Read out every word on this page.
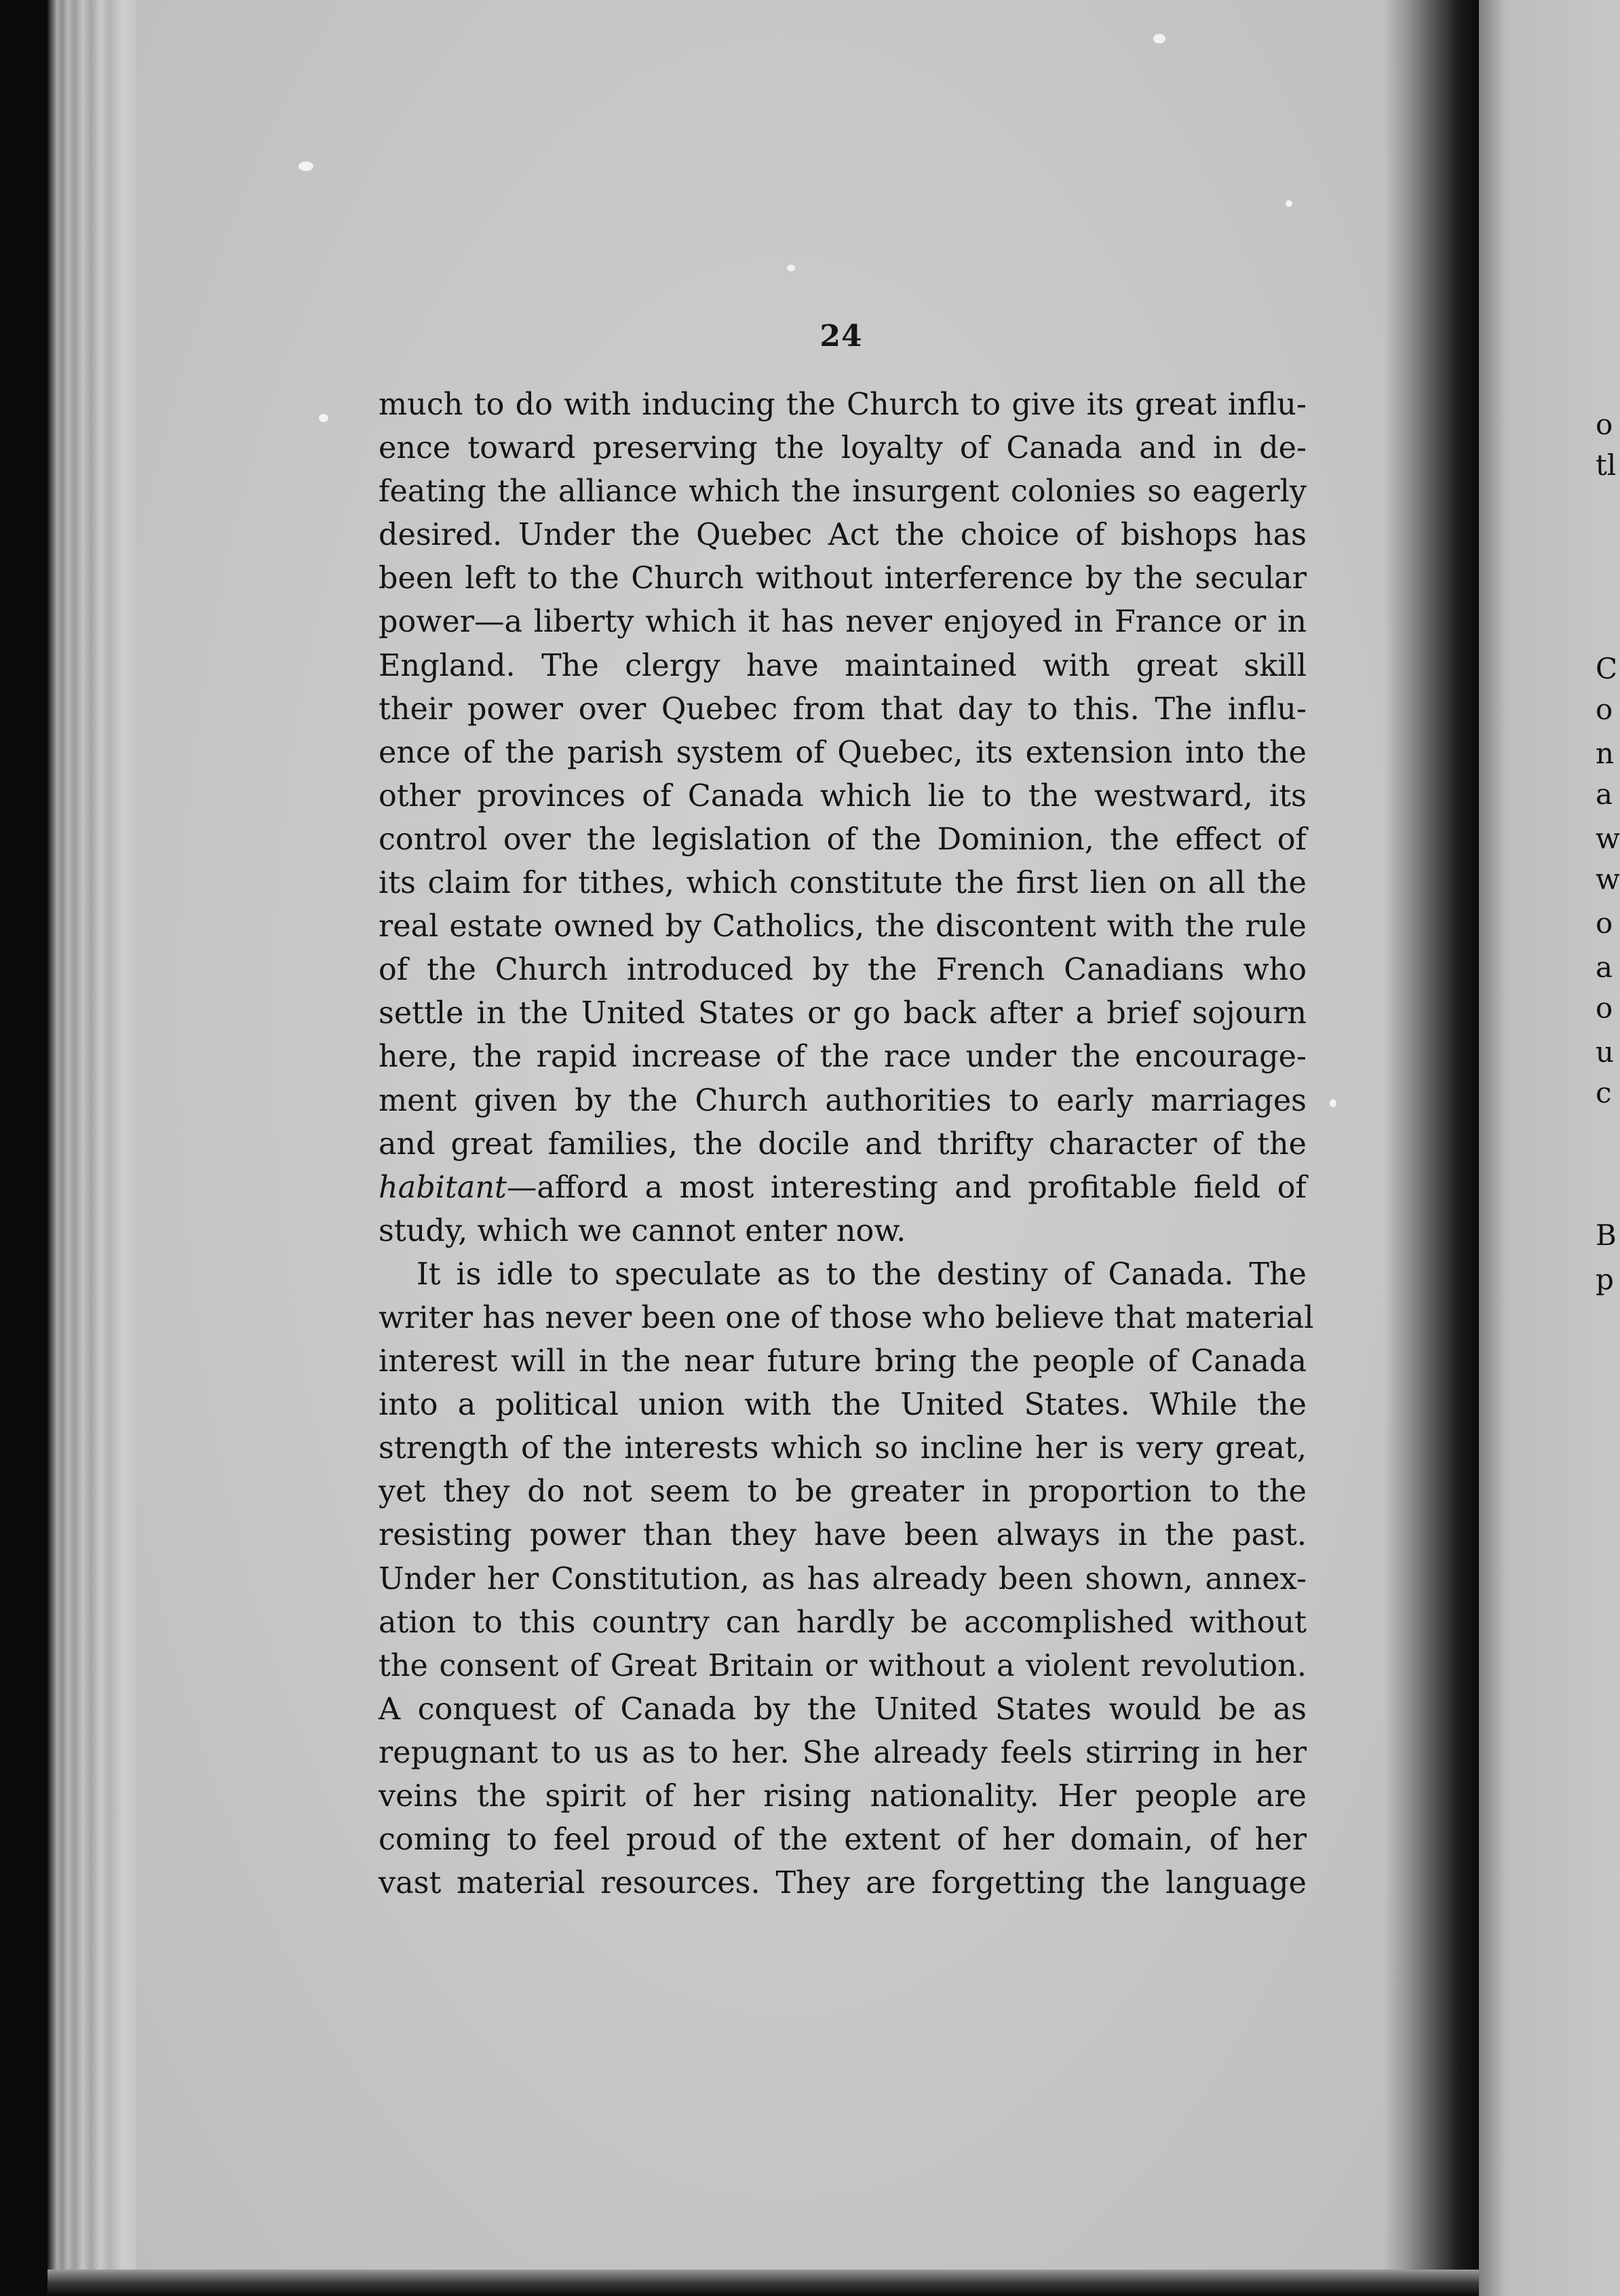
o
tl
C
o
n
a
w
w
o
a
o
u
c
B
p
24
much to do with inducing the Church to give its great influ-
ence toward preserving the loyalty of Canada and in de-
feating the alliance which the insurgent colonies so eagerly
desired. Under the Quebec Act the choice of bishops has
been left to the Church without interference by the secular
power—a liberty which it has never enjoyed in France or in
England. The clergy have maintained with great skill
their power over Quebec from that day to this. The influ-
ence of the parish system of Quebec, its extension into the
other provinces of Canada which lie to the westward, its
control over the legislation of the Dominion, the effect of
its claim for tithes, which constitute the first lien on all the
real estate owned by Catholics, the discontent with the rule
of the Church introduced by the French Canadians who
settle in the United States or go back after a brief sojourn
here, the rapid increase of the race under the encourage-
ment given by the Church authorities to early marriages
and great families, the docile and thrifty character of the
habitant—afford a most interesting and profitable field of
study, which we cannot enter now.
It is idle to speculate as to the destiny of Canada. The
writer has never been one of those who believe that material
interest will in the near future bring the people of Canada
into a political union with the United States. While the
strength of the interests which so incline her is very great,
yet they do not seem to be greater in proportion to the
resisting power than they have been always in the past.
Under her Constitution, as has already been shown, annex-
ation to this country can hardly be accomplished without
the consent of Great Britain or without a violent revolution.
A conquest of Canada by the United States would be as
repugnant to us as to her. She already feels stirring in her
veins the spirit of her rising nationality. Her people are
coming to feel proud of the extent of her domain, of her
vast material resources. They are forgetting the language
